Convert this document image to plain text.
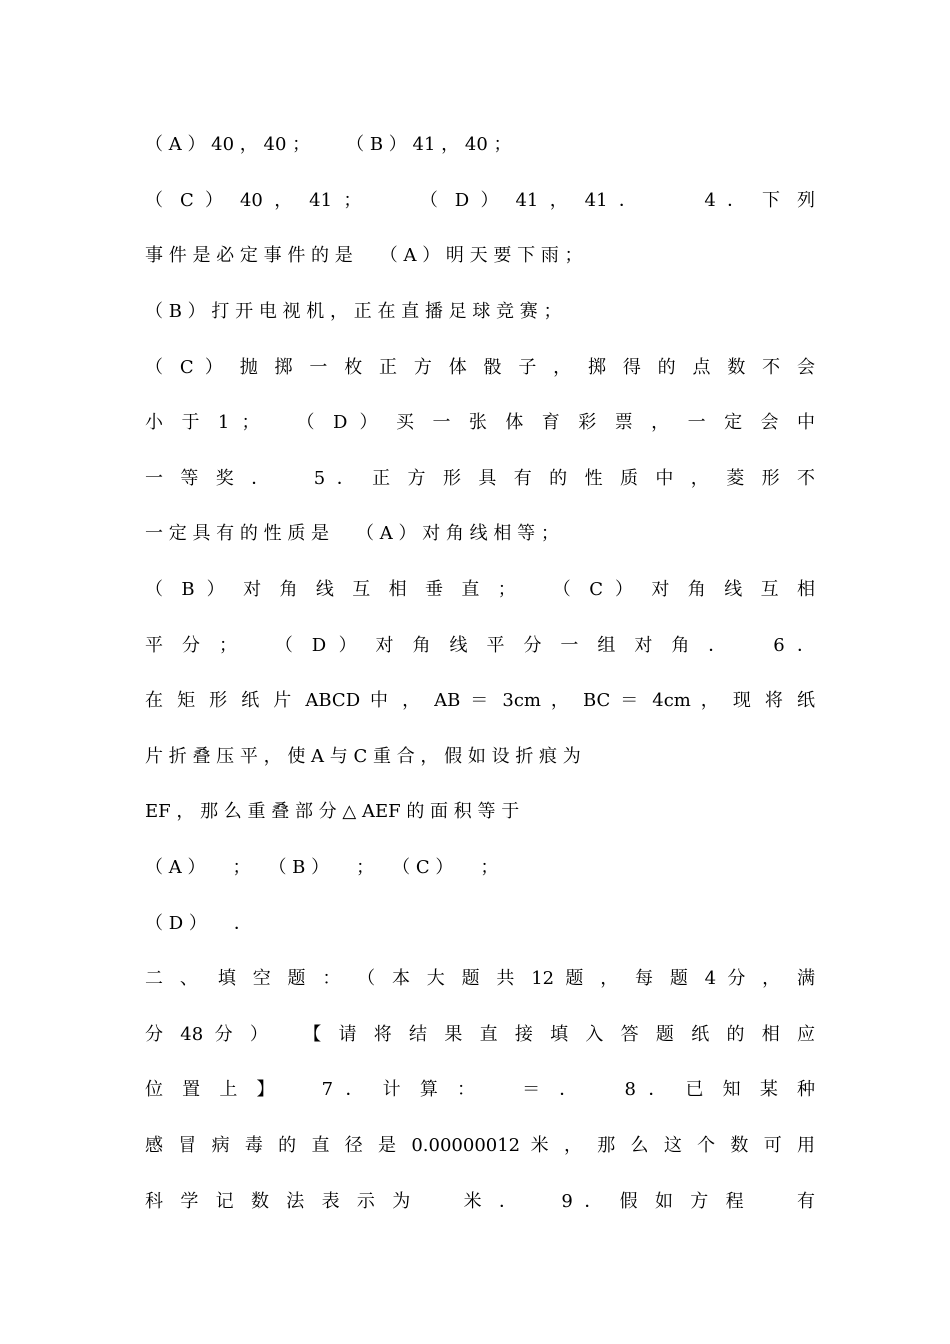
（ A ） 40 ， 40 ；　　　（ B ） 41 ， 40 ；
（ C ） 40 ， 41 ；　　　（ D ） 41 ， 41 ．　　　4 ． 下 列
事 件 是 必 定 事 件 的 是　　（ A ） 明 天 要 下 雨 ；
（ B ） 打 开 电 视 机 ， 正 在 直 播 足 球 竞 赛 ；
（ C ） 抛 掷 一 枚 正 方 体 骰 子 ， 掷 得 的 点 数 不 会
小 于 1 ；　　（ D ） 买 一 张 体 育 彩 票 ， 一 定 会 中
一 等 奖 ．　　5 ． 正 方 形 具 有 的 性 质 中 ， 菱 形 不
一 定 具 有 的 性 质 是　　（ A ） 对 角 线 相 等 ；
（ B ） 对 角 线 互 相 垂 直 ；　　（ C ） 对 角 线 互 相
平 分 ；　　（ D ） 对 角 线 平 分 一 组 对 角 ．　　6 ．
在 矩 形 纸 片 ABCD 中 ， AB ＝ 3cm ， BC ＝ 4cm ， 现 将 纸
片 折 叠 压 平 ， 使 A 与 C 重 合 ， 假 如 设 折 痕 为
EF ， 那 么 重 叠 部 分 △ AEF 的 面 积 等 于
（ A ）　　；　　（ B ）　　；　　（ C ）　　；
（ D ）　　．
二 、　填 空 题 ： （ 本 大 题 共 12 题 ， 每 题 4 分 ， 满
分 48 分 ）　　【 请 将 结 果 直 接 填 入 答 题 纸 的 相 应
位 置 上 】　　7 ． 计 算 ：　　＝ ．　　8 ． 已 知 某 种
感 冒 病 毒 的 直 径 是 0.00000012 米 ， 那 么 这 个 数 可 用
科 学 记 数 法 表 示 为　　米 ．　　9 ． 假 如 方 程　　有
